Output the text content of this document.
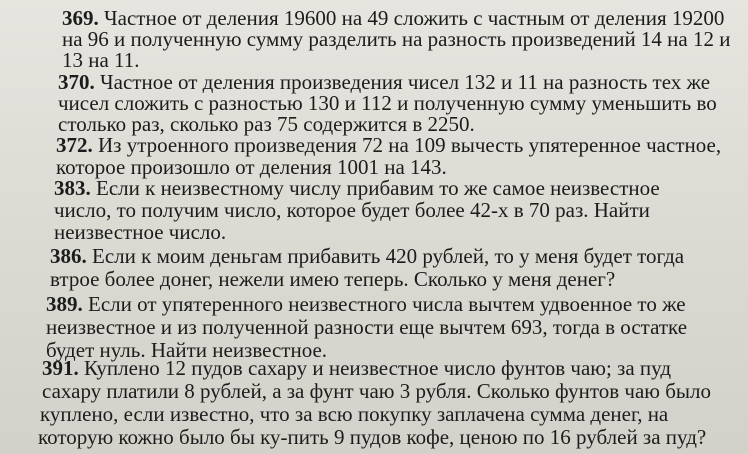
369. Частное от деления 19600 на 49 сложить с частным от деления 19200
на 96 и полученную сумму разделить на разность произведений 14 на 12 и
13 на 11.
370. Частное от деления произведения чисел 132 и 11 на разность тех же
чисел сложить с разностью 130 и 112 и полученную сумму уменьшить во
столько раз, сколько раз 75 содержится в 2250.
372. Из утроенного произведения 72 на 109 вычесть упятеренное частное,
которое произошло от деления 1001 на 143.
383. Если к неизвестному числу прибавим то же самое неизвестное
число, то получим число, которое будет более 42-х в 70 раз. Найти
неизвестное число.
386. Если к моим деньгам прибавить 420 рублей, то у меня будет тогда
втрое более донег, нежели имею теперь. Сколько у меня денег?
389. Если от упятеренного неизвестного числа вычтем удвоенное то же
неизвестное и из полученной разности еще вычтем 693, тогда в остатке
будет нуль. Найти неизвестное.
391. Куплено 12 пудов сахару и неизвестное число фунтов чаю; за пуд
сахару платили 8 рублей, а за фунт чаю 3 рубля. Сколько фунтов чаю было
куплено, если известно, что за всю покупку заплачена сумма денег, на
которую кожно было бы ку-пить 9 пудов кофе, ценою по 16 рублей за пуд?
